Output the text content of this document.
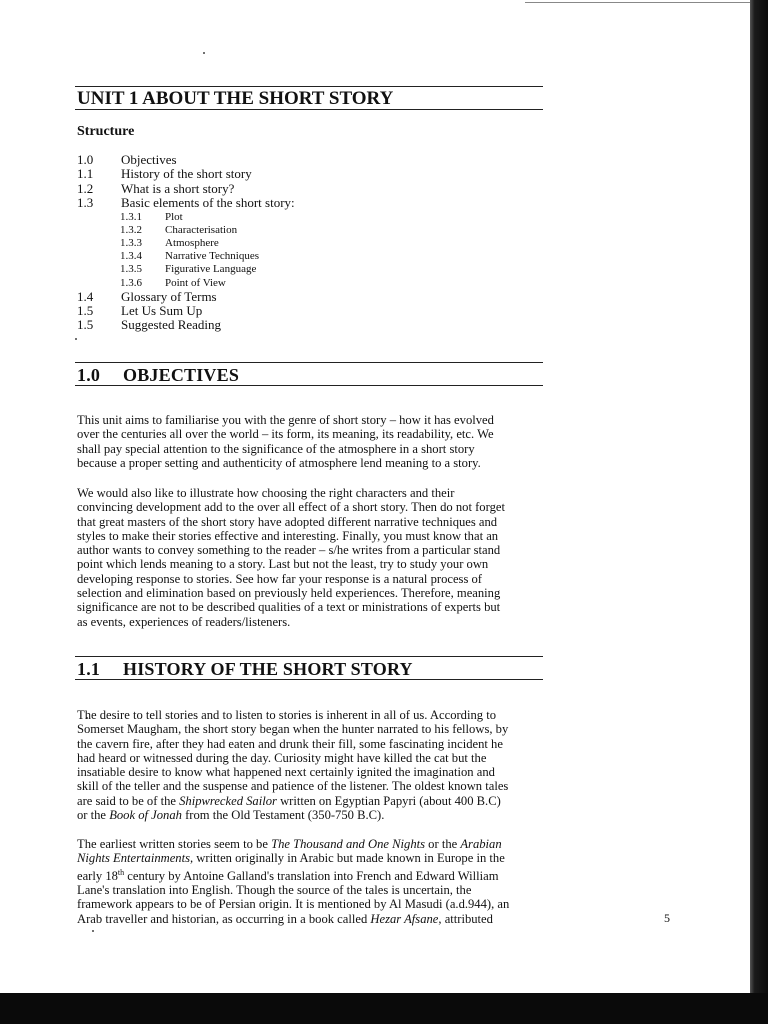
UNIT 1 ABOUT THE SHORT STORY
Structure
1.0 Objectives
1.1 History of the short story
1.2 What is a short story?
1.3 Basic elements of the short story:
1.3.1 Plot
1.3.2 Characterisation
1.3.3 Atmosphere
1.3.4 Narrative Techniques
1.3.5 Figurative Language
1.3.6 Point of View
1.4 Glossary of Terms
1.5 Let Us Sum Up
1.5 Suggested Reading
1.0 OBJECTIVES
This unit aims to familiarise you with the genre of short story – how it has evolved
over the centuries all over the world – its form, its meaning, its readability, etc. We
shall pay special attention to the significance of the atmosphere in a short story
because a proper setting and authenticity of atmosphere lend meaning to a story.
We would also like to illustrate how choosing the right characters and their
convincing development add to the over all effect of a short story. Then do not forget
that great masters of the short story have adopted different narrative techniques and
styles to make their stories effective and interesting. Finally, you must know that an
author wants to convey something to the reader – s/he writes from a particular stand
point which lends meaning to a story. Last but not the least, try to study your own
developing response to stories. See how far your response is a natural process of
selection and elimination based on previously held experiences. Therefore, meaning
significance are not to be described qualities of a text or ministrations of experts but
as events, experiences of readers/listeners.
1.1 HISTORY OF THE SHORT STORY
The desire to tell stories and to listen to stories is inherent in all of us. According to
Somerset Maugham, the short story began when the hunter narrated to his fellows, by
the cavern fire, after they had eaten and drunk their fill, some fascinating incident he
had heard or witnessed during the day. Curiosity might have killed the cat but the
insatiable desire to know what happened next certainly ignited the imagination and
skill of the teller and the suspense and patience of the listener. The oldest known tales
are said to be of the Shipwrecked Sailor written on Egyptian Papyri (about 400 B.C)
or the Book of Jonah from the Old Testament (350-750 B.C).
The earliest written stories seem to be The Thousand and One Nights or the Arabian
Nights Entertainments, written originally in Arabic but made known in Europe in the
early 18th century by Antoine Galland's translation into French and Edward William
Lane's translation into English. Though the source of the tales is uncertain, the
framework appears to be of Persian origin. It is mentioned by Al Masudi (a.d.944), an
Arab traveller and historian, as occurring in a book called Hezar Afsane, attributed	5
